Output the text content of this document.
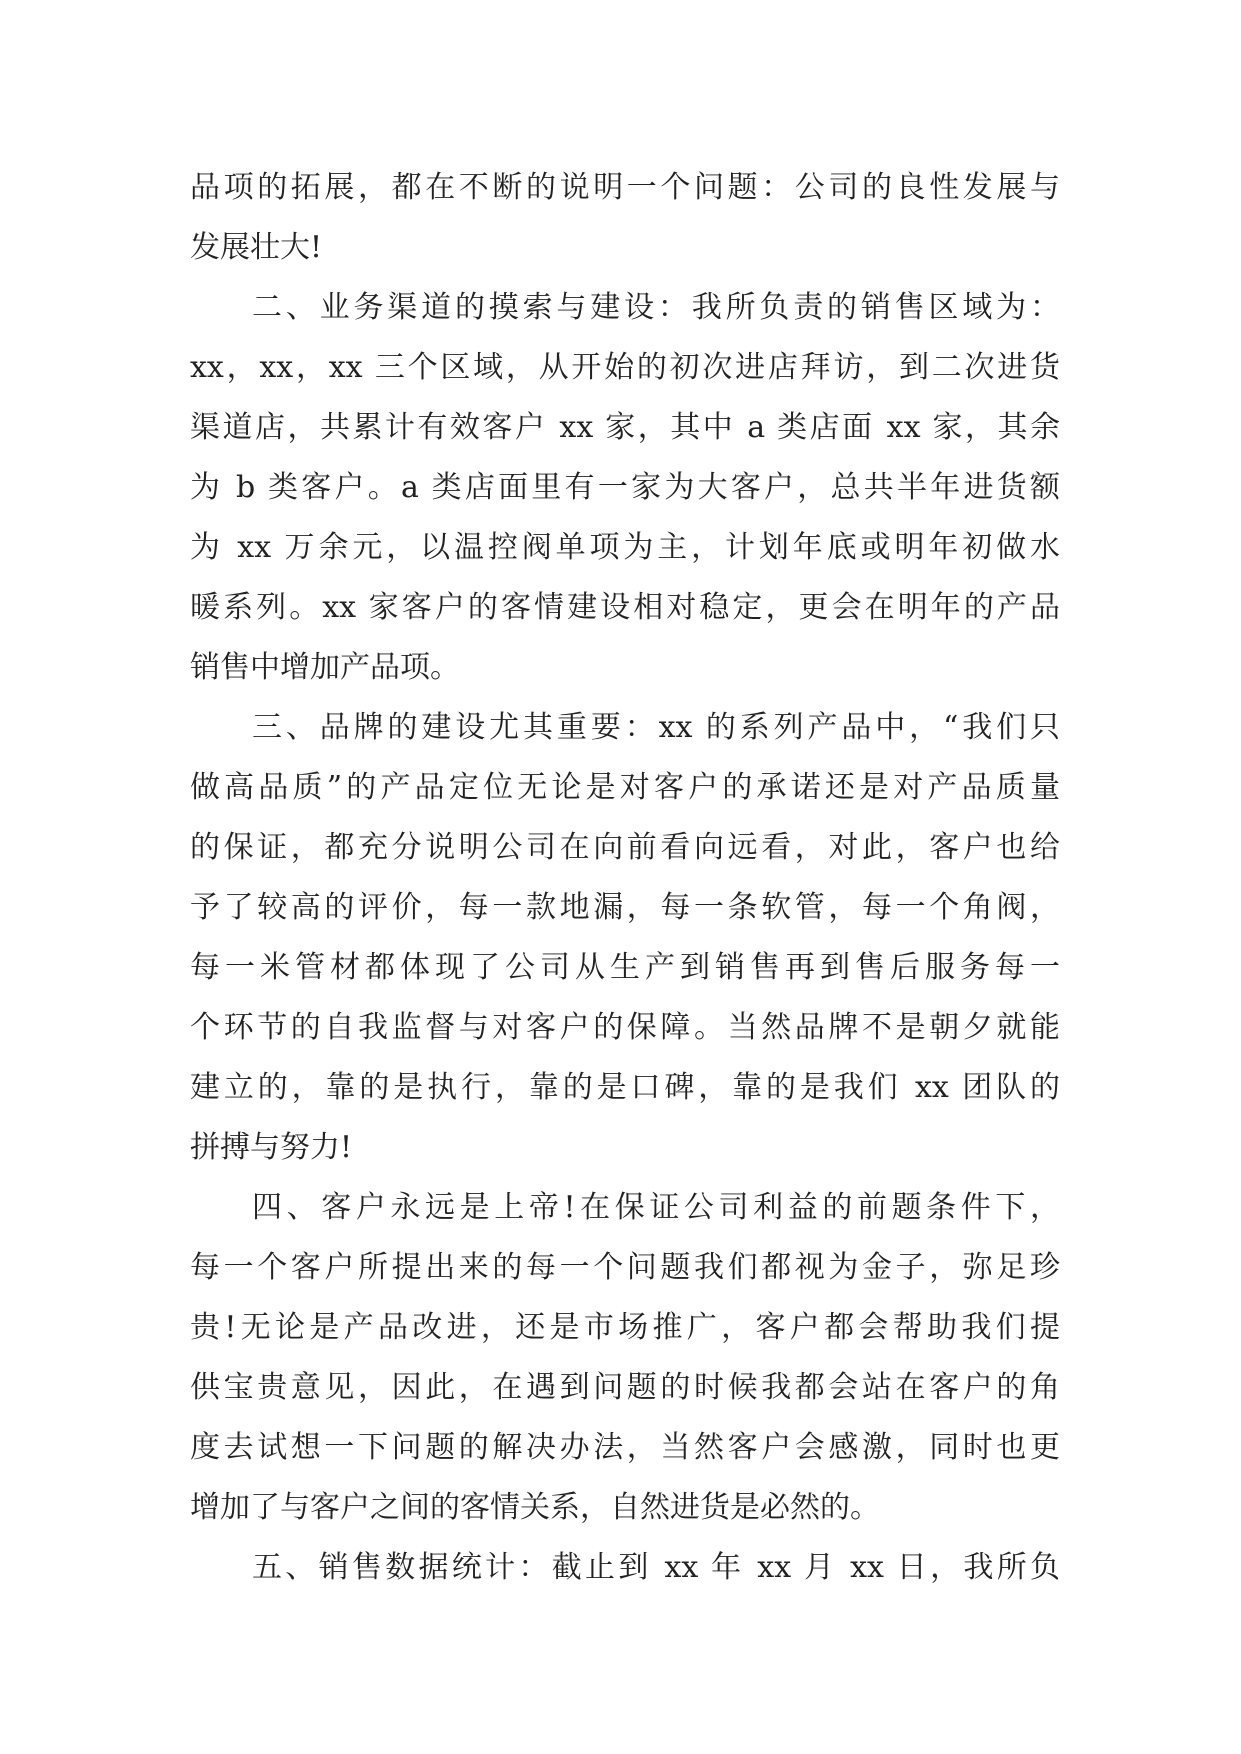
品项的拓展，都在不断的说明一个问题：公司的良性发展与
发展壮大!
二、业务渠道的摸索与建设：我所负责的销售区域为：
xx，xx，xx 三个区域，从开始的初次进店拜访，到二次进货
渠道店，共累计有效客户 xx 家，其中 a 类店面 xx 家，其余
为 b 类客户。a 类店面里有一家为大客户，总共半年进货额
为 xx 万余元，以温控阀单项为主，计划年底或明年初做水
暖系列。xx 家客户的客情建设相对稳定，更会在明年的产品
销售中增加产品项。
三、品牌的建设尤其重要：xx 的系列产品中，“我们只
做高品质”的产品定位无论是对客户的承诺还是对产品质量
的保证，都充分说明公司在向前看向远看，对此，客户也给
予了较高的评价，每一款地漏，每一条软管，每一个角阀，
每一米管材都体现了公司从生产到销售再到售后服务每一
个环节的自我监督与对客户的保障。当然品牌不是朝夕就能
建立的，靠的是执行，靠的是口碑，靠的是我们 xx 团队的
拼搏与努力!
四、客户永远是上帝!在保证公司利益的前题条件下，
每一个客户所提出来的每一个问题我们都视为金子，弥足珍
贵!无论是产品改进，还是市场推广，客户都会帮助我们提
供宝贵意见，因此，在遇到问题的时候我都会站在客户的角
度去试想一下问题的解决办法，当然客户会感激，同时也更
增加了与客户之间的客情关系，自然进货是必然的。
五、销售数据统计：截止到 xx 年 xx 月 xx 日，我所负
